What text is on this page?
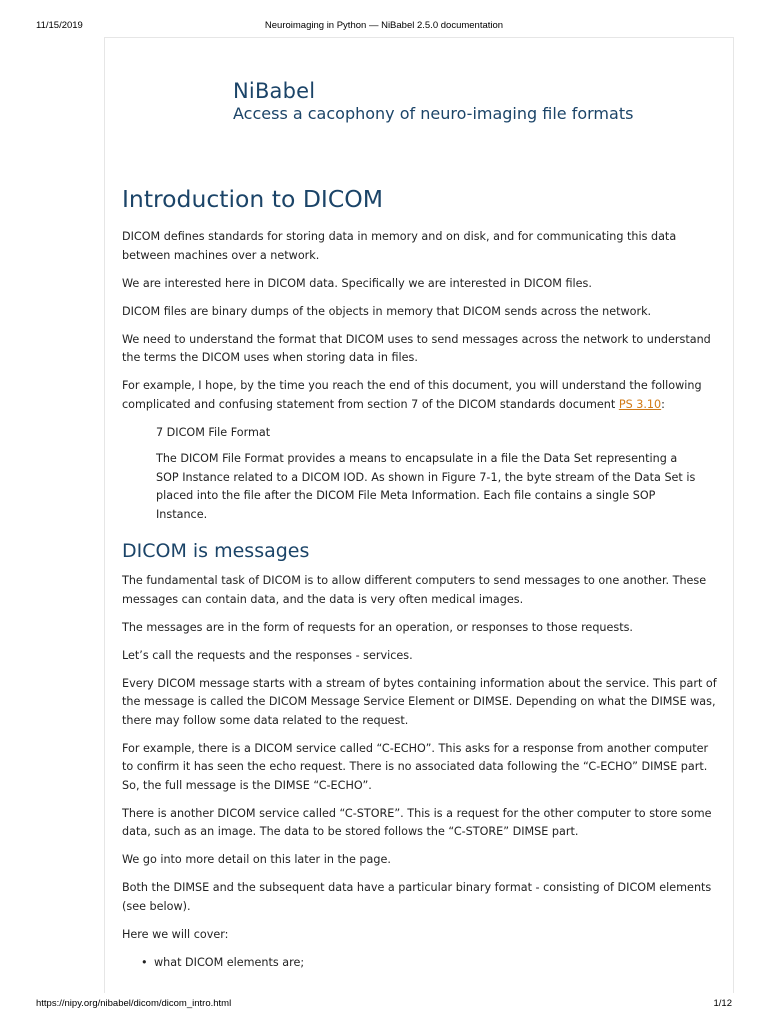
11/15/2019	Neuroimaging in Python — NiBabel 2.5.0 documentation
NiBabel
Access a cacophony of neuro-imaging file formats
Introduction to DICOM

DICOM defines standards for storing data in memory and on disk, and for communicating this data between machines over a network.

We are interested here in DICOM data. Specifically we are interested in DICOM files.

DICOM files are binary dumps of the objects in memory that DICOM sends across the network.

We need to understand the format that DICOM uses to send messages across the network to understand the terms the DICOM uses when storing data in files.

For example, I hope, by the time you reach the end of this document, you will understand the following complicated and confusing statement from section 7 of the DICOM standards document PS 3.10:

7 DICOM File Format

The DICOM File Format provides a means to encapsulate in a file the Data Set representing a SOP Instance related to a DICOM IOD. As shown in Figure 7-1, the byte stream of the Data Set is placed into the file after the DICOM File Meta Information. Each file contains a single SOP Instance.

DICOM is messages

The fundamental task of DICOM is to allow different computers to send messages to one another. These messages can contain data, and the data is very often medical images.

The messages are in the form of requests for an operation, or responses to those requests.

Let’s call the requests and the responses - services.

Every DICOM message starts with a stream of bytes containing information about the service. This part of the message is called the DICOM Message Service Element or DIMSE. Depending on what the DIMSE was, there may follow some data related to the request.

For example, there is a DICOM service called “C-ECHO”. This asks for a response from another computer to confirm it has seen the echo request. There is no associated data following the “C-ECHO” DIMSE part. So, the full message is the DIMSE “C-ECHO”.

There is another DICOM service called “C-STORE”. This is a request for the other computer to store some data, such as an image. The data to be stored follows the “C-STORE” DIMSE part.

We go into more detail on this later in the page.

Both the DIMSE and the subsequent data have a particular binary format - consisting of DICOM elements (see below).

Here we will cover:

• what DICOM elements are;
https://nipy.org/nibabel/dicom/dicom_intro.html	1/12
